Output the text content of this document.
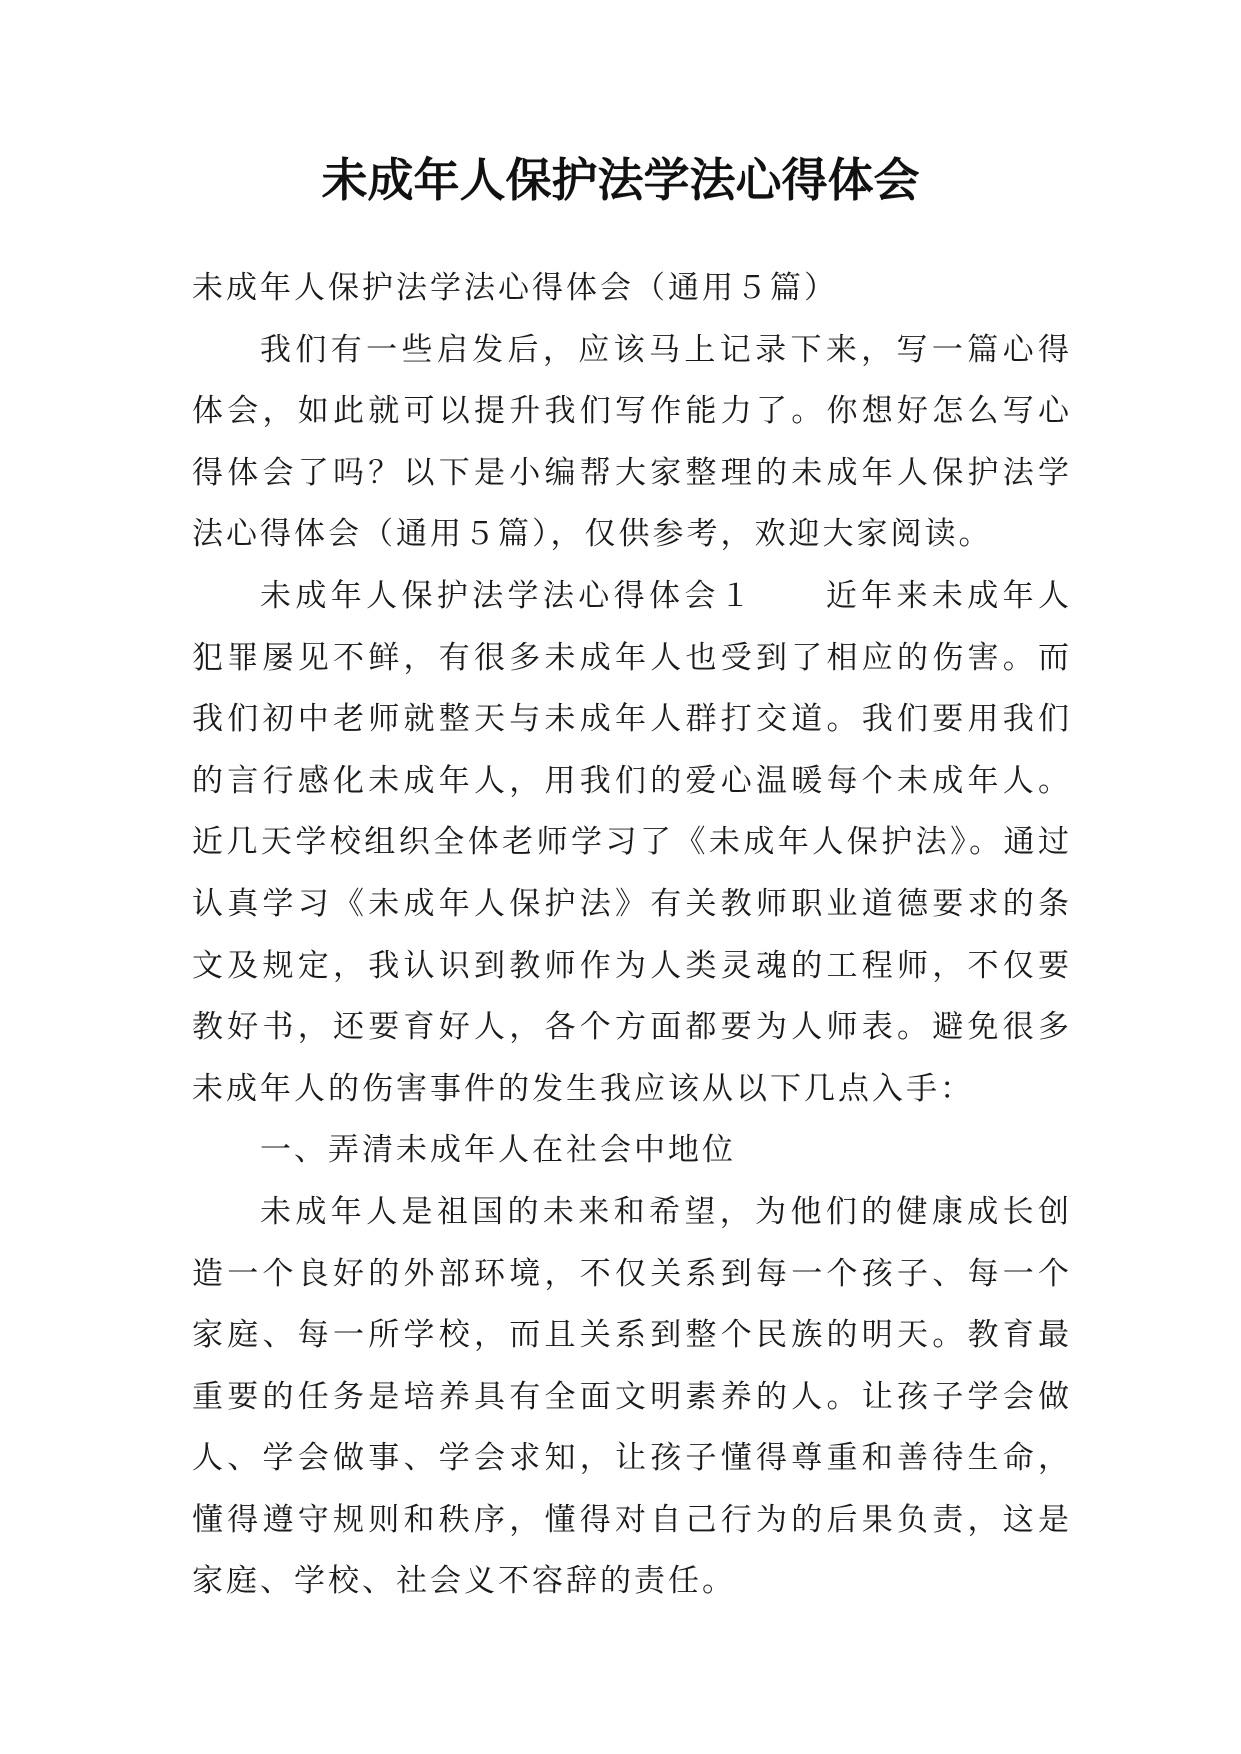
未成年人保护法学法心得体会

未成年人保护法学法心得体会（通用５篇）

我们有一些启发后，应该马上记录下来，写一篇心得体会，如此就可以提升我们写作能力了。你想好怎么写心得体会了吗？以下是小编帮大家整理的未成年人保护法学法心得体会（通用５篇），仅供参考，欢迎大家阅读。

未成年人保护法学法心得体会１　　近年来未成年人犯罪屡见不鲜，有很多未成年人也受到了相应的伤害。而我们初中老师就整天与未成年人群打交道。我们要用我们的言行感化未成年人，用我们的爱心温暖每个未成年人。近几天学校组织全体老师学习了《未成年人保护法》。通过认真学习《未成年人保护法》有关教师职业道德要求的条文及规定，我认识到教师作为人类灵魂的工程师，不仅要教好书，还要育好人，各个方面都要为人师表。避免很多未成年人的伤害事件的发生我应该从以下几点入手：

一、弄清未成年人在社会中地位

未成年人是祖国的未来和希望，为他们的健康成长创造一个良好的外部环境，不仅关系到每一个孩子、每一个家庭、每一所学校，而且关系到整个民族的明天。教育最重要的任务是培养具有全面文明素养的人。让孩子学会做人、学会做事、学会求知，让孩子懂得尊重和善待生命，懂得遵守规则和秩序，懂得对自己行为的后果负责，这是家庭、学校、社会义不容辞的责任。
